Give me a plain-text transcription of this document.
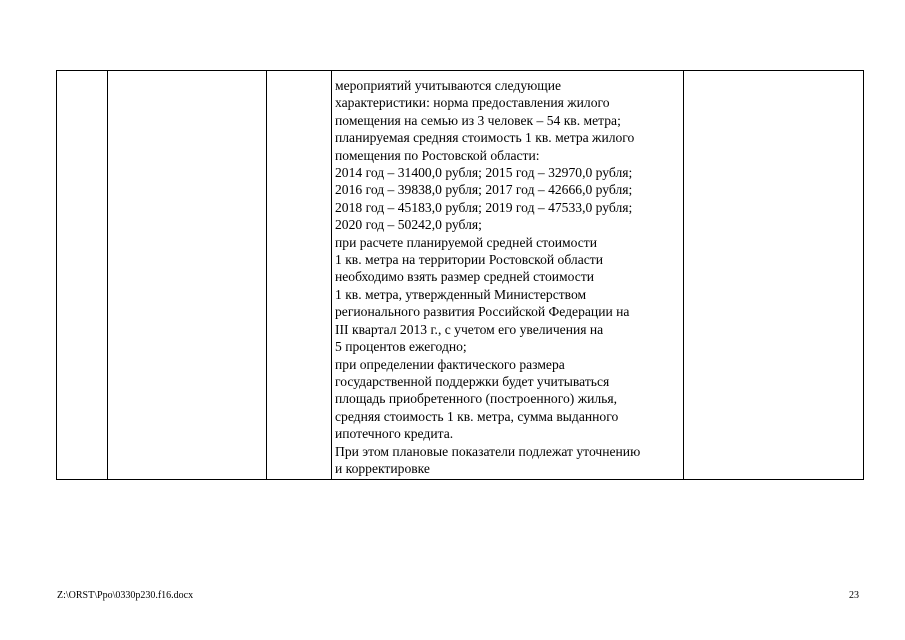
мероприятий учитываются следующие
характеристики: норма предоставления жилого
помещения на семью из 3 человек – 54 кв. метра;
планируемая средняя стоимость 1 кв. метра жилого
помещения по Ростовской области:
2014 год – 31400,0 рубля; 2015 год – 32970,0 рубля;
2016 год – 39838,0 рубля; 2017 год – 42666,0 рубля;
2018 год – 45183,0 рубля; 2019 год – 47533,0 рубля;
2020 год – 50242,0 рубля;
при расчете планируемой средней стоимости
1 кв. метра на территории Ростовской области
необходимо взять размер средней стоимости
1 кв. метра, утвержденный Министерством
регионального развития Российской Федерации на
III квартал 2013 г., с учетом его увеличения на
5 процентов ежегодно;
при определении фактического размера
государственной поддержки будет учитываться
площадь приобретенного (построенного) жилья,
средняя стоимость 1 кв. метра, сумма выданного
ипотечного кредита.
При этом плановые показатели подлежат уточнению
и корректировке

Z:\ORST\Ppo\0330p230.f16.docx	23
